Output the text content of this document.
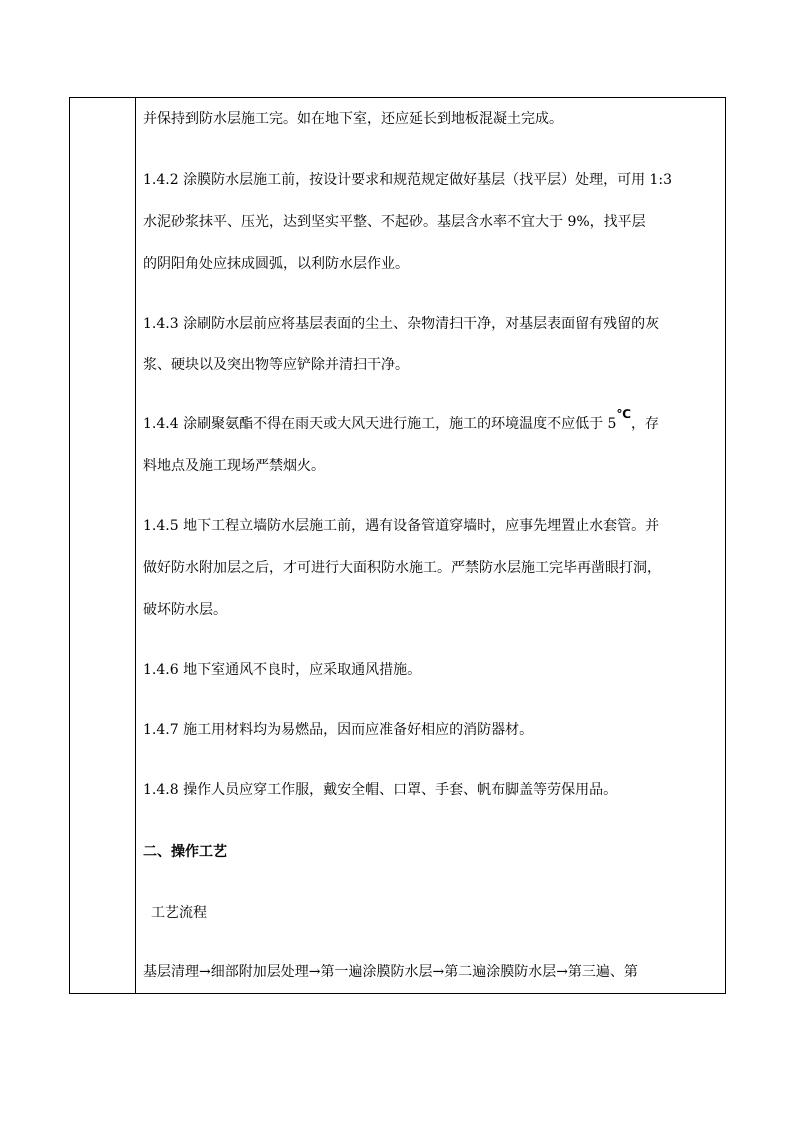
并保持到防水层施工完。如在地下室，还应延长到地板混凝土完成。
1.4.2 涂膜防水层施工前，按设计要求和规范规定做好基层（找平层）处理，可用 1:3
水泥砂浆抹平、压光，达到坚实平整、不起砂。基层含水率不宜大于 9%，找平层
的阴阳角处应抹成圆弧，以利防水层作业。
1.4.3 涂刷防水层前应将基层表面的尘土、杂物清扫干净，对基层表面留有残留的灰
浆、硬块以及突出物等应铲除并清扫干净。
1.4.4 涂刷聚氨酯不得在雨天或大风天进行施工，施工的环境温度不应低于 5℃，存
料地点及施工现场严禁烟火。
1.4.5 地下工程立墙防水层施工前，遇有设备管道穿墙时，应事先埋置止水套管。并
做好防水附加层之后，才可进行大面积防水施工。严禁防水层施工完毕再凿眼打洞，
破坏防水层。
1.4.6 地下室通风不良时，应采取通风措施。
1.4.7 施工用材料均为易燃品，因而应准备好相应的消防器材。
1.4.8 操作人员应穿工作服，戴安全帽、口罩、手套、帆布脚盖等劳保用品。
二、操作工艺
工艺流程
基层清理→细部附加层处理→第一遍涂膜防水层→第二遍涂膜防水层→第三遍、第
